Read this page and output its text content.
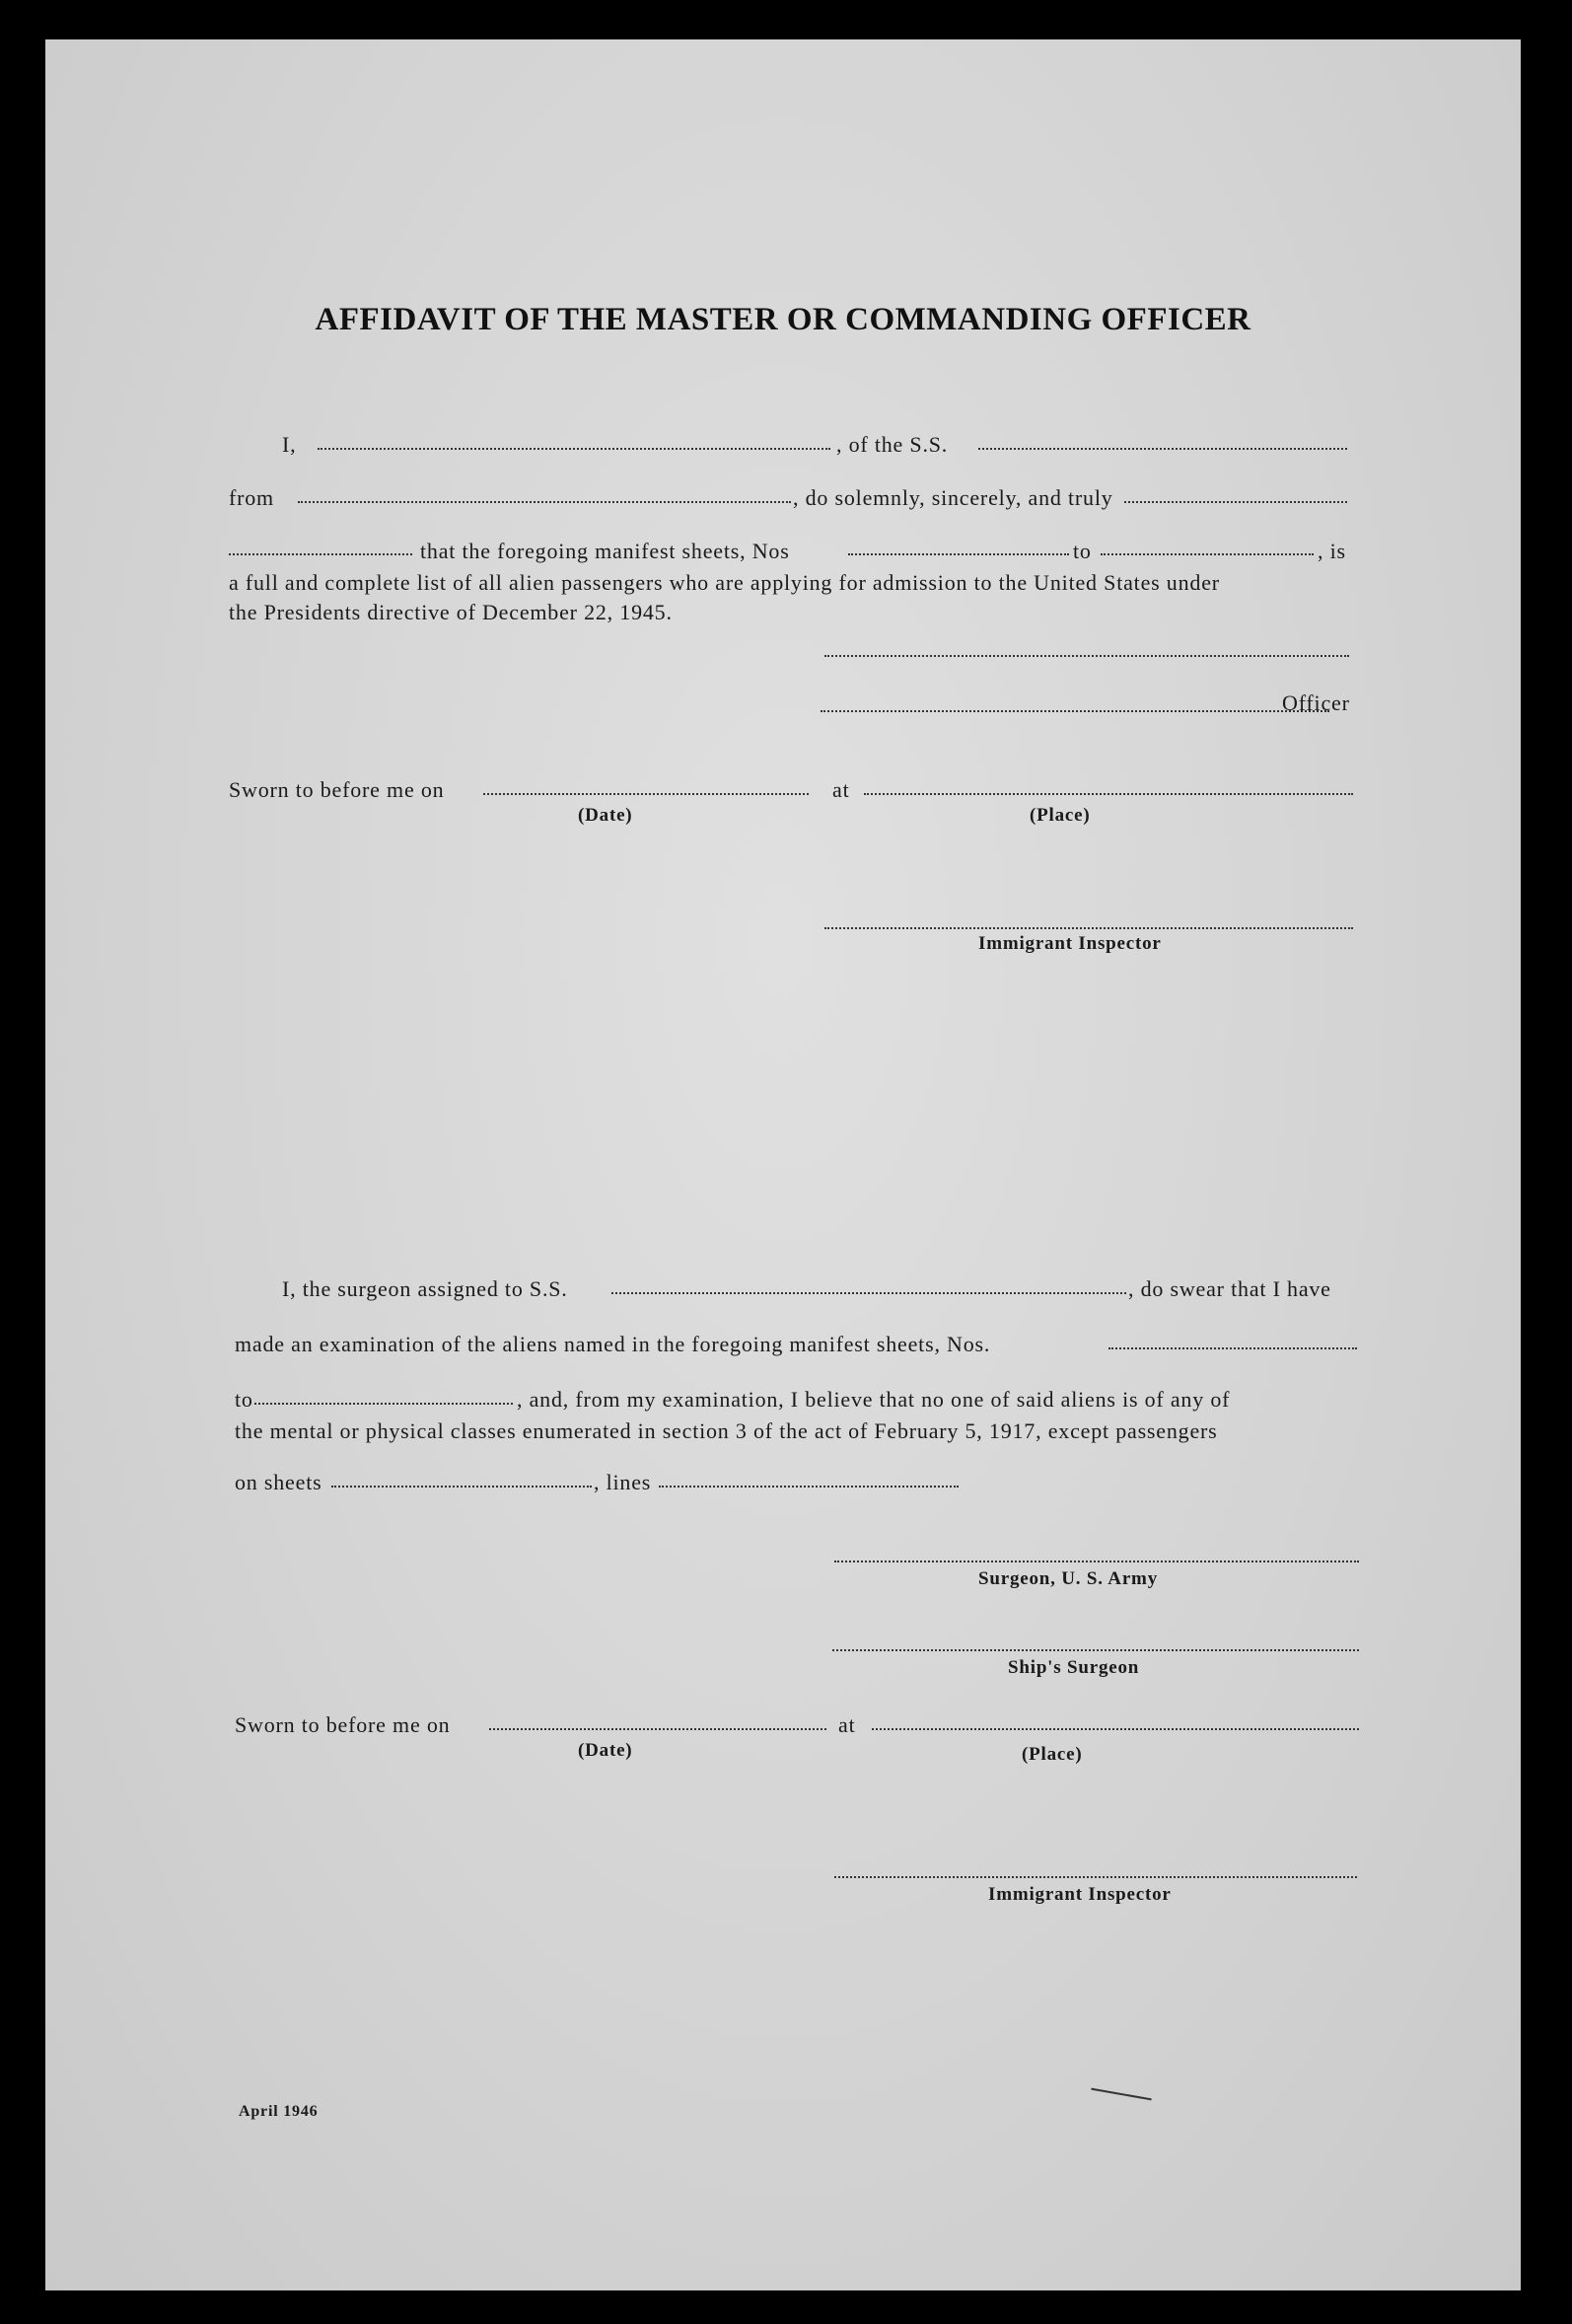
AFFIDAVIT OF THE MASTER OR COMMANDING OFFICER
I,	, of the S.S.
from	, do solemnly, sincerely, and truly
that the foregoing manifest sheets, Nos	to	, is
a full and complete list of all alien passengers who are applying for admission to the United States under
the Presidents directive of December 22, 1945.
Officer
Sworn to before me on	at
(Date)	(Place)
Immigrant Inspector
I, the surgeon assigned to S.S.	, do swear that I have
made an examination of the aliens named in the foregoing manifest sheets, Nos.
to	, and, from my examination, I believe that no one of said aliens is of any of
the mental or physical classes enumerated in section 3 of the act of February 5, 1917, except passengers
on sheets	, lines
Surgeon, U. S. Army
Ship's Surgeon
Sworn to before me on	at
(Date)	(Place)
Immigrant Inspector
April 1946
